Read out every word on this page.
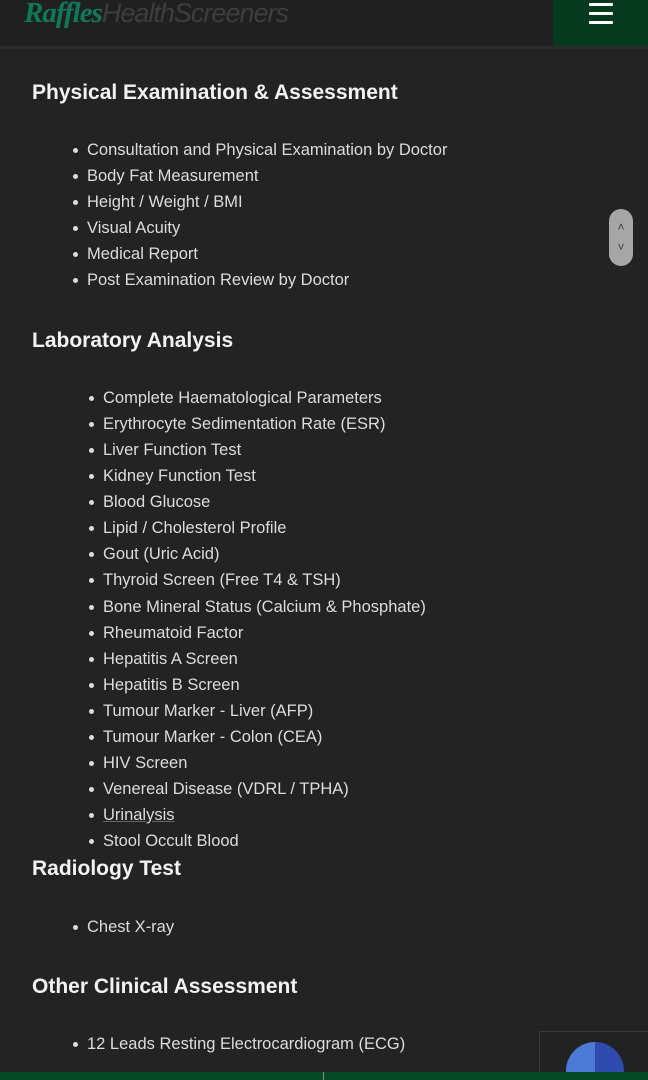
RafflesHealthScreeners
Physical Examination & Assessment
Consultation and Physical Examination by Doctor
Body Fat Measurement
Height / Weight / BMI
Visual Acuity
Medical Report
Post Examination Review by Doctor
Laboratory Analysis
Complete Haematological Parameters
Erythrocyte Sedimentation Rate (ESR)
Liver Function Test
Kidney Function Test
Blood Glucose
Lipid / Cholesterol Profile
Gout (Uric Acid)
Thyroid Screen (Free T4 & TSH)
Bone Mineral Status (Calcium & Phosphate)
Rheumatoid Factor
Hepatitis A Screen
Hepatitis B Screen
Tumour Marker - Liver (AFP)
Tumour Marker - Colon (CEA)
HIV Screen
Venereal Disease (VDRL / TPHA)
Urinalysis
Stool Occult Blood
Radiology Test
Chest X-ray
Other Clinical Assessment
12 Leads Resting Electrocardiogram (ECG)
˄
˅
